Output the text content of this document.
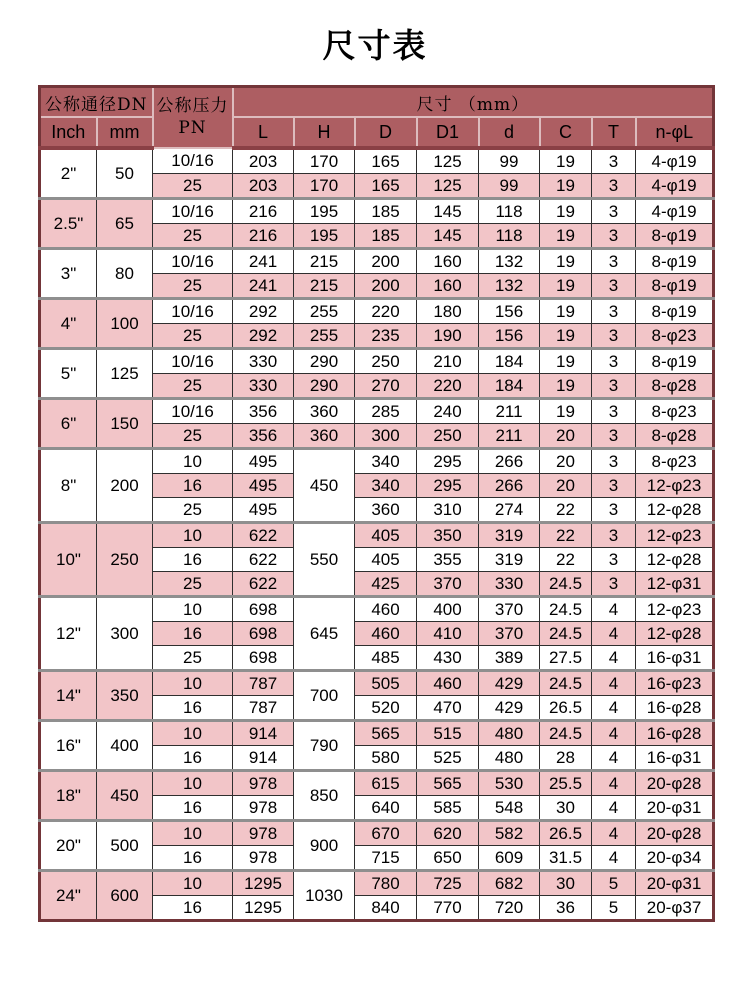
尺寸表
公称通径DN		公称压力
PN	尺寸 （mm）							
Inch	mm		L	H	D	D1	d	C	T	n-φL
2"	50	10/16	203	170	165	125	99	19	3	4-φ19
		25	203	170	165	125	99	19	3	4-φ19
2.5"	65	10/16	216	195	185	145	118	19	3	4-φ19
		25	216	195	185	145	118	19	3	8-φ19
3"	80	10/16	241	215	200	160	132	19	3	8-φ19
		25	241	215	200	160	132	19	3	8-φ19
4"	100	10/16	292	255	220	180	156	19	3	8-φ19
		25	292	255	235	190	156	19	3	8-φ23
5"	125	10/16	330	290	250	210	184	19	3	8-φ19
		25	330	290	270	220	184	19	3	8-φ28
6"	150	10/16	356	360	285	240	211	19	3	8-φ23
		25	356	360	300	250	211	20	3	8-φ28
8"	200	10	495	450	340	295	266	20	3	8-φ23
		16	495		340	295	266	20	3	12-φ23
		25	495		360	310	274	22	3	12-φ28
10"	250	10	622	550	405	350	319	22	3	12-φ23
		16	622		405	355	319	22	3	12-φ28
		25	622		425	370	330	24.5	3	12-φ31
12"	300	10	698	645	460	400	370	24.5	4	12-φ23
		16	698		460	410	370	24.5	4	12-φ28
		25	698		485	430	389	27.5	4	16-φ31
14"	350	10	787	700	505	460	429	24.5	4	16-φ23
		16	787		520	470	429	26.5	4	16-φ28
16"	400	10	914	790	565	515	480	24.5	4	16-φ28
		16	914		580	525	480	28	4	16-φ31
18"	450	10	978	850	615	565	530	25.5	4	20-φ28
		16	978		640	585	548	30	4	20-φ31
20"	500	10	978	900	670	620	582	26.5	4	20-φ28
		16	978		715	650	609	31.5	4	20-φ34
24"	600	10	1295	1030	780	725	682	30	5	20-φ31
		16	1295		840	770	720	36	5	20-φ37
